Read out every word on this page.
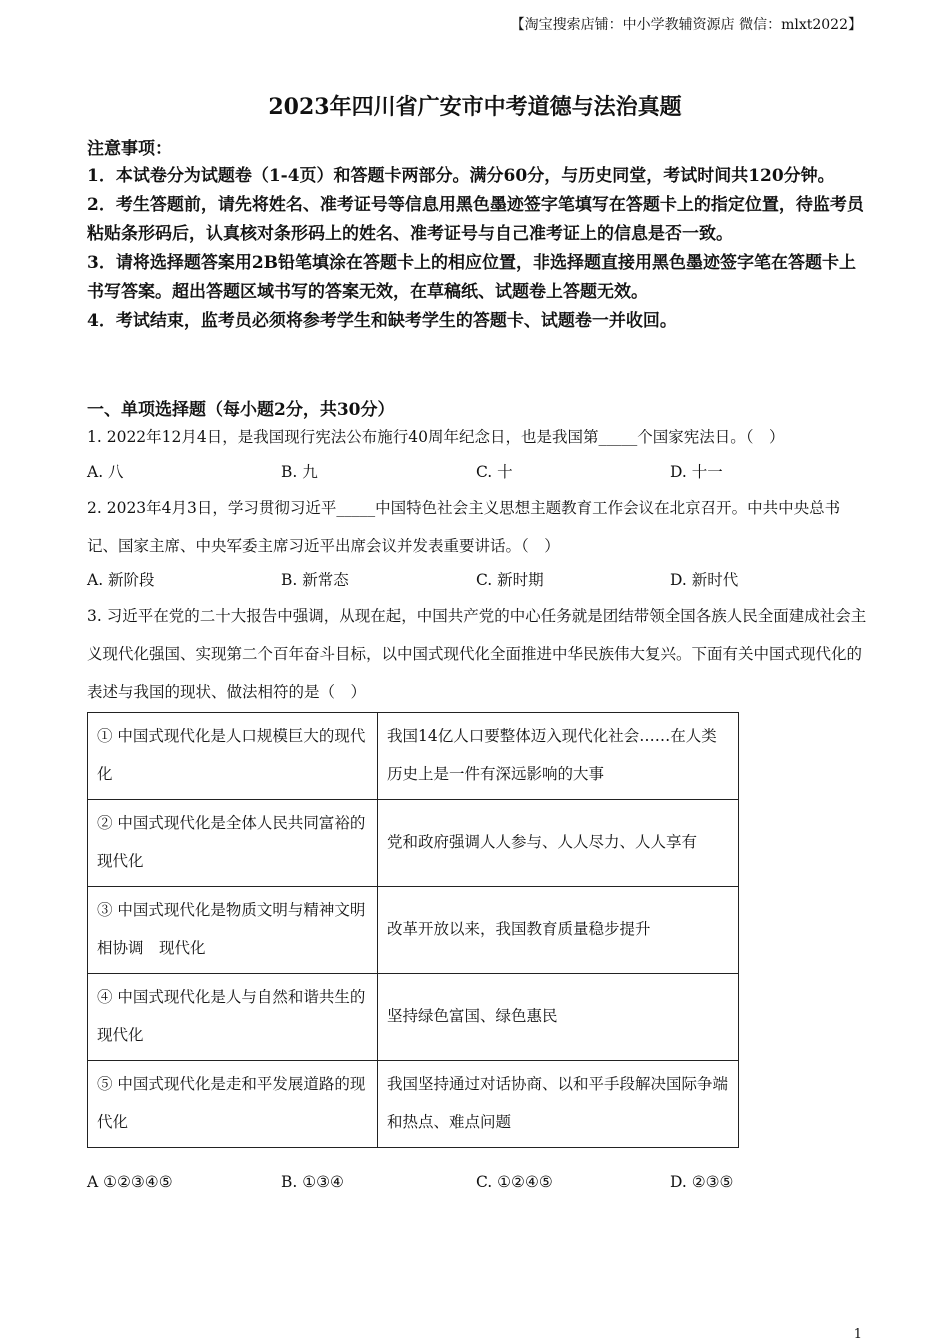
【淘宝搜索店铺：中小学教辅资源店 微信：mlxt2022】
2023年四川省广安市中考道德与法治真题
注意事项：

1．本试卷分为试题卷（1-4页）和答题卡两部分。满分60分，与历史同堂，考试时间共120分钟。

2．考生答题前，请先将姓名、准考证号等信息用黑色墨迹签字笔填写在答题卡上的指定位置，待监考员粘贴条形码后，认真核对条形码上的姓名、准考证号与自己准考证上的信息是否一致。

3．请将选择题答案用2B铅笔填涂在答题卡上的相应位置，非选择题直接用黑色墨迹签字笔在答题卡上书写答案。超出答题区域书写的答案无效，在草稿纸、试题卷上答题无效。

4．考试结束，监考员必须将参考学生和缺考学生的答题卡、试题卷一并收回。

一、单项选择题（每小题2分，共30分）

1. 2022年12月4日，是我国现行宪法公布施行40周年纪念日，也是我国第_____个国家宪法日。（　）

A. 八	B. 九	C. 十	D. 十一

2. 2023年4月3日，学习贯彻习近平_____中国特色社会主义思想主题教育工作会议在北京召开。中共中央总书记、国家主席、中央军委主席习近平出席会议并发表重要讲话。（　）

A. 新阶段	B. 新常态	C. 新时期	D. 新时代

3. 习近平在党的二十大报告中强调，从现在起，中国共产党的中心任务就是团结带领全国各族人民全面建成社会主义现代化强国、实现第二个百年奋斗目标，以中国式现代化全面推进中华民族伟大复兴。下面有关中国式现代化的表述与我国的现状、做法相符的是（　）

① 中国式现代化是人口规模巨大的现代化	我国14亿人口要整体迈入现代化社会……在人类历史上是一件有深远影响的大事
② 中国式现代化是全体人民共同富裕的现代化	党和政府强调人人参与、人人尽力、人人享有
③ 中国式现代化是物质文明与精神文明相协调　现代化	改革开放以来，我国教育质量稳步提升
④ 中国式现代化是人与自然和谐共生的现代化	坚持绿色富国、绿色惠民
⑤ 中国式现代化是走和平发展道路的现代化	我国坚持通过对话协商、以和平手段解决国际争端和热点、难点问题
A ①②③④⑤	B. ①③④	C. ①②④⑤	D. ②③⑤
1
